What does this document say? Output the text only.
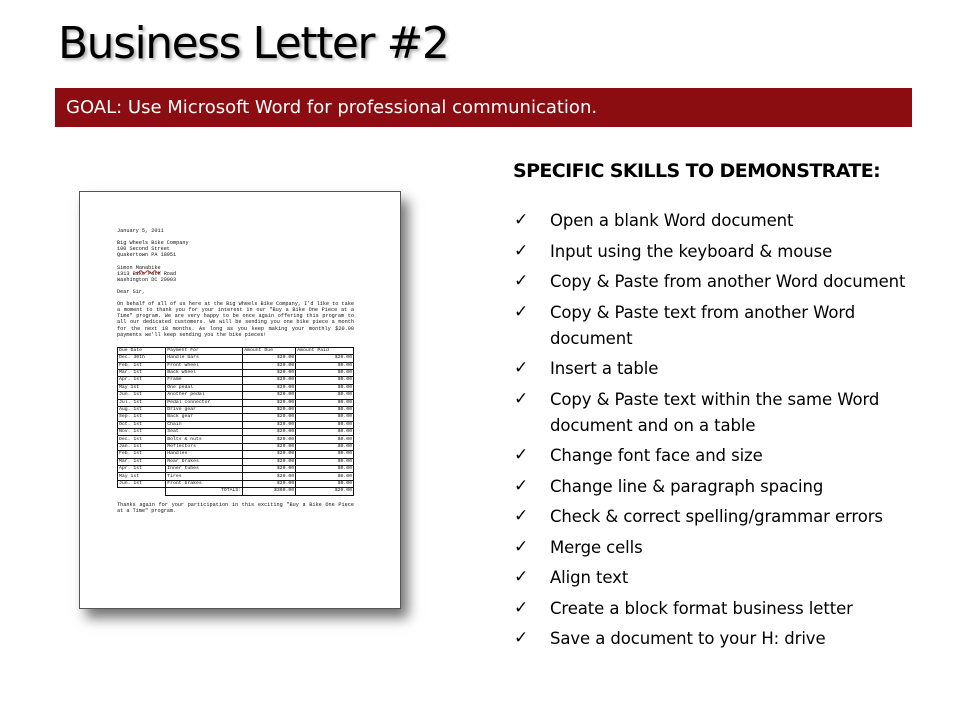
Business Letter #2
GOAL: Use Microsoft Word for professional communication.
January 5, 2011
Big Wheels Bike Company
100 Second Street
Quakertown PA 18951
Simon Manabike
1313 Bike Path Road
Washington DC 20003
Dear Sir,

On behalf of all of us here at the Big Wheels Bike Company, I'd like to take a moment to thank you for your interest in our "Buy a Bike One Piece at a Time" program. We are very happy to be once again offering this program to all our dedicated customers. We will be sending you one bike piece a month for the next 18 months. As long as you keep making your monthly $20.00 payments we'll keep sending you the bike pieces!

Due Date	Payment For	Amount Due	Amount Paid
Dec. 30th	Handle bars	$20.00	$20.00
Feb. 1st	Front wheel	$20.00	$0.00
Mar. 1st	Back wheel	$20.00	$0.00
Apr. 1st	Frame	$20.00	$0.00
May 1st	One pedal	$20.00	$0.00
Jun. 1st	Another pedal	$20.00	$0.00
Jul. 1st	Pedal connector	$20.00	$0.00
Aug. 1st	Drive gear	$20.00	$0.00
Sep. 1st	Back gear	$20.00	$0.00
Oct. 1st	Chain	$20.00	$0.00
Nov. 1st	Seat	$20.00	$0.00
Dec. 1st	Bolts & nuts	$20.00	$0.00
Jan. 1st	Reflectors	$20.00	$0.00
Feb. 1st	Handles	$20.00	$0.00
Mar. 1st	Rear brakes	$20.00	$0.00
Apr. 1st	Inner tubes	$20.00	$0.00
May 1st	Tires	$20.00	$0.00
Jun. 1st	Front brakes	$20.00	$0.00
	TOTALS:	$360.00	$20.00

Thanks again for your participation in this exciting "Buy a Bike One Piece at a Time" program.

SPECIFIC SKILLS TO DEMONSTRATE:
✓ Open a blank Word document
✓ Input using the keyboard & mouse
✓ Copy & Paste from another Word document
✓ Copy & Paste text from another Word document
✓ Insert a table
✓ Copy & Paste text within the same Word document and on a table
✓ Change font face and size
✓ Change line & paragraph spacing
✓ Check & correct spelling/grammar errors
✓ Merge cells
✓ Align text
✓ Create a block format business letter
✓ Save a document to your H: drive
